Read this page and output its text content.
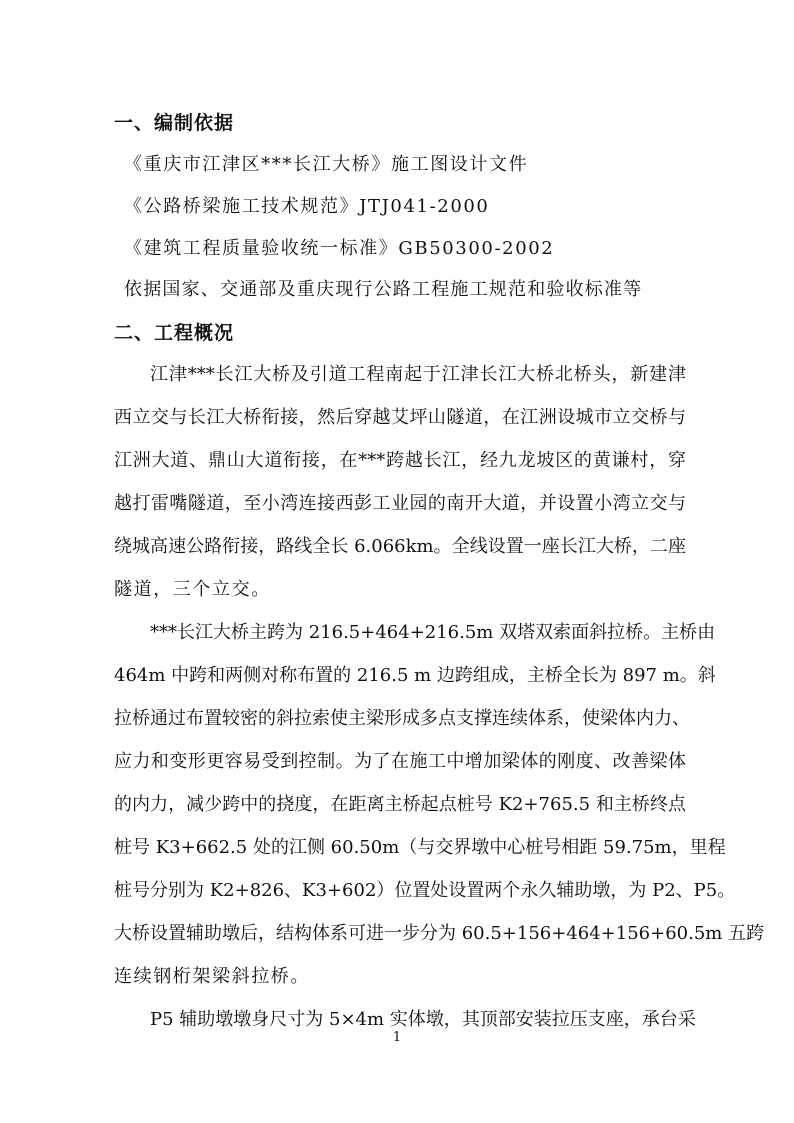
一、编制依据
《重庆市江津区***长江大桥》施工图设计文件
《公路桥梁施工技术规范》JTJ041-2000
《建筑工程质量验收统一标准》GB50300-2002
依据国家、交通部及重庆现行公路工程施工规范和验收标准等
二、工程概况
江津***长江大桥及引道工程南起于江津长江大桥北桥头，新建津
西立交与长江大桥衔接，然后穿越艾坪山隧道，在江洲设城市立交桥与
江洲大道、鼎山大道衔接，在***跨越长江，经九龙坡区的黄谦村，穿
越打雷嘴隧道，至小湾连接西彭工业园的南开大道，并设置小湾立交与
绕城高速公路衔接，路线全长 6.066km。全线设置一座长江大桥，二座
隧道，三个立交。
***长江大桥主跨为 216.5+464+216.5m 双塔双索面斜拉桥。主桥由
464m 中跨和两侧对称布置的 216.5 m 边跨组成，主桥全长为 897 m。斜
拉桥通过布置较密的斜拉索使主梁形成多点支撑连续体系，使梁体内力、
应力和变形更容易受到控制。为了在施工中增加梁体的刚度、改善梁体
的内力，减少跨中的挠度，在距离主桥起点桩号 K2+765.5 和主桥终点
桩号 K3+662.5 处的江侧 60.50m（与交界墩中心桩号相距 59.75m，里程
桩号分别为 K2+826、K3+602）位置处设置两个永久辅助墩，为 P2、P5。
大桥设置辅助墩后，结构体系可进一步分为 60.5+156+464+156+60.5m 五跨
连续钢桁架梁斜拉桥。
P5 辅助墩墩身尺寸为 5×4m 实体墩，其顶部安装拉压支座，承台采
1
